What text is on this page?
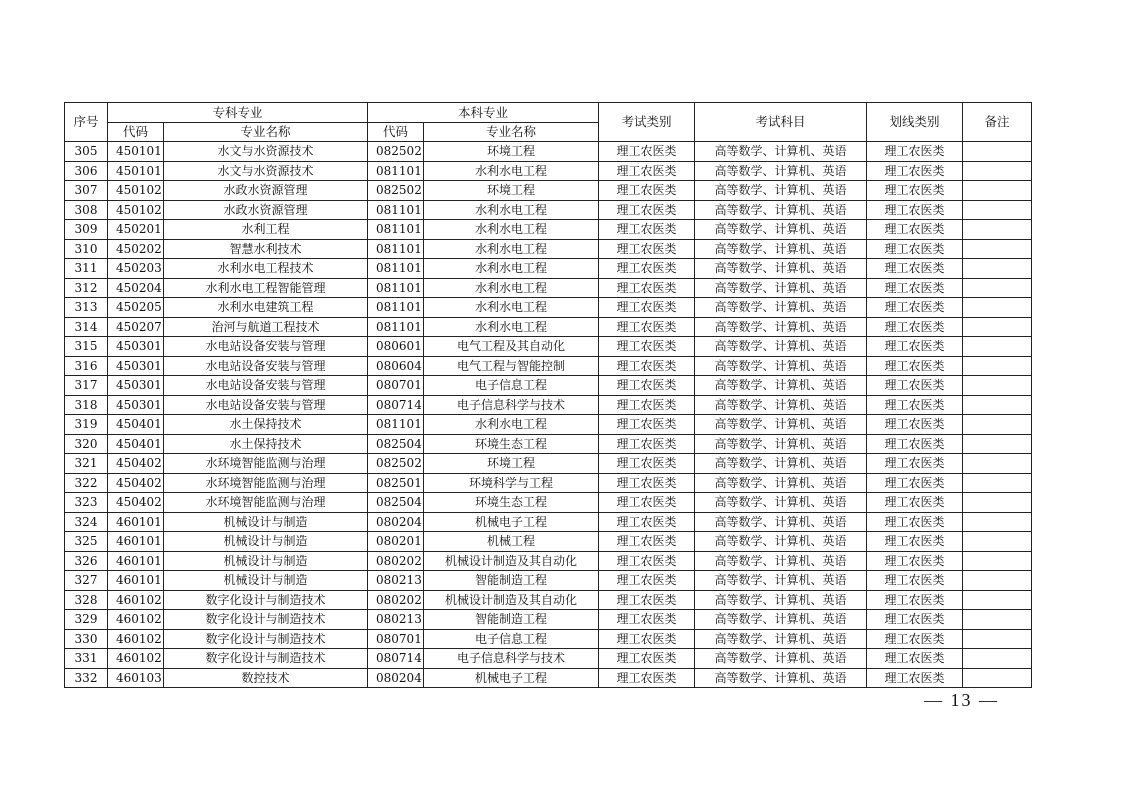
序号	专科专业		本科专业		考试类别	考试科目	划线类别	备注
	代码	专业名称	代码	专业名称				
305	450101	水文与水资源技术	082502	环境工程	理工农医类	高等数学、计算机、英语	理工农医类	
306	450101	水文与水资源技术	081101	水利水电工程	理工农医类	高等数学、计算机、英语	理工农医类	
307	450102	水政水资源管理	082502	环境工程	理工农医类	高等数学、计算机、英语	理工农医类	
308	450102	水政水资源管理	081101	水利水电工程	理工农医类	高等数学、计算机、英语	理工农医类	
309	450201	水利工程	081101	水利水电工程	理工农医类	高等数学、计算机、英语	理工农医类	
310	450202	智慧水利技术	081101	水利水电工程	理工农医类	高等数学、计算机、英语	理工农医类	
311	450203	水利水电工程技术	081101	水利水电工程	理工农医类	高等数学、计算机、英语	理工农医类	
312	450204	水利水电工程智能管理	081101	水利水电工程	理工农医类	高等数学、计算机、英语	理工农医类	
313	450205	水利水电建筑工程	081101	水利水电工程	理工农医类	高等数学、计算机、英语	理工农医类	
314	450207	治河与航道工程技术	081101	水利水电工程	理工农医类	高等数学、计算机、英语	理工农医类	
315	450301	水电站设备安装与管理	080601	电气工程及其自动化	理工农医类	高等数学、计算机、英语	理工农医类	
316	450301	水电站设备安装与管理	080604	电气工程与智能控制	理工农医类	高等数学、计算机、英语	理工农医类	
317	450301	水电站设备安装与管理	080701	电子信息工程	理工农医类	高等数学、计算机、英语	理工农医类	
318	450301	水电站设备安装与管理	080714	电子信息科学与技术	理工农医类	高等数学、计算机、英语	理工农医类	
319	450401	水土保持技术	081101	水利水电工程	理工农医类	高等数学、计算机、英语	理工农医类	
320	450401	水土保持技术	082504	环境生态工程	理工农医类	高等数学、计算机、英语	理工农医类	
321	450402	水环境智能监测与治理	082502	环境工程	理工农医类	高等数学、计算机、英语	理工农医类	
322	450402	水环境智能监测与治理	082501	环境科学与工程	理工农医类	高等数学、计算机、英语	理工农医类	
323	450402	水环境智能监测与治理	082504	环境生态工程	理工农医类	高等数学、计算机、英语	理工农医类	
324	460101	机械设计与制造	080204	机械电子工程	理工农医类	高等数学、计算机、英语	理工农医类	
325	460101	机械设计与制造	080201	机械工程	理工农医类	高等数学、计算机、英语	理工农医类	
326	460101	机械设计与制造	080202	机械设计制造及其自动化	理工农医类	高等数学、计算机、英语	理工农医类	
327	460101	机械设计与制造	080213	智能制造工程	理工农医类	高等数学、计算机、英语	理工农医类	
328	460102	数字化设计与制造技术	080202	机械设计制造及其自动化	理工农医类	高等数学、计算机、英语	理工农医类	
329	460102	数字化设计与制造技术	080213	智能制造工程	理工农医类	高等数学、计算机、英语	理工农医类	
330	460102	数字化设计与制造技术	080701	电子信息工程	理工农医类	高等数学、计算机、英语	理工农医类	
331	460102	数字化设计与制造技术	080714	电子信息科学与技术	理工农医类	高等数学、计算机、英语	理工农医类	
332	460103	数控技术	080204	机械电子工程	理工农医类	高等数学、计算机、英语	理工农医类	
— 13 —
